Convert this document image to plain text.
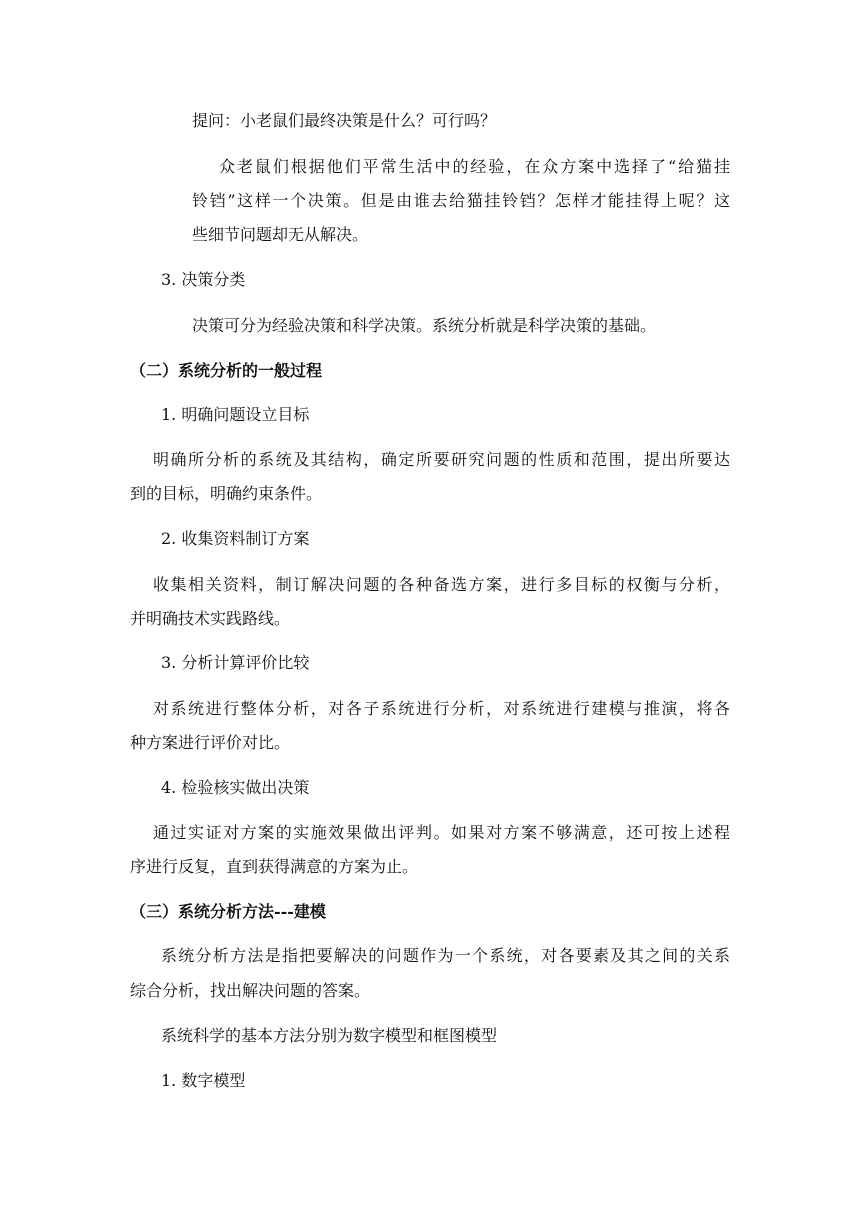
提问：小老鼠们最终决策是什么？可行吗？
众老鼠们根据他们平常生活中的经验，在众方案中选择了“给猫挂
铃铛”这样一个决策。但是由谁去给猫挂铃铛？怎样才能挂得上呢？这
些细节问题却无从解决。
3. 决策分类
决策可分为经验决策和科学决策。系统分析就是科学决策的基础。
（二）系统分析的一般过程
1. 明确问题设立目标
明确所分析的系统及其结构，确定所要研究问题的性质和范围，提出所要达
到的目标，明确约束条件。
2. 收集资料制订方案
收集相关资料，制订解决问题的各种备选方案，进行多目标的权衡与分析，
并明确技术实践路线。
3. 分析计算评价比较
对系统进行整体分析，对各子系统进行分析，对系统进行建模与推演，将各
种方案进行评价对比。
4. 检验核实做出决策
通过实证对方案的实施效果做出评判。如果对方案不够满意，还可按上述程
序进行反复，直到获得满意的方案为止。
（三）系统分析方法---建模
系统分析方法是指把要解决的问题作为一个系统，对各要素及其之间的关系
综合分析，找出解决问题的答案。
系统科学的基本方法分别为数字模型和框图模型
1. 数字模型
